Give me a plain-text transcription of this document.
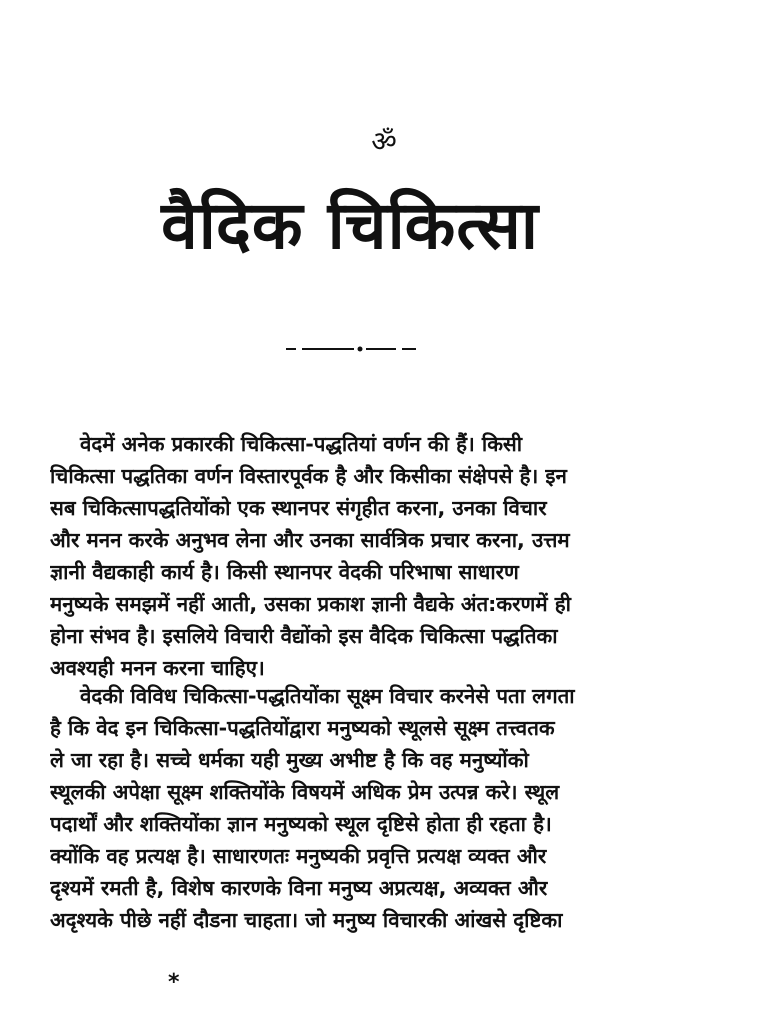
ॐ
वैदिक चिकित्सा
वेदमें अनेक प्रकारकी चिकित्सा-पद्धतियां वर्णन की हैं। किसी
चिकित्सा पद्धतिका वर्णन विस्तारपूर्वक है और किसीका संक्षेपसे है। इन
सब चिकित्सापद्धतियोंको एक स्थानपर संगृहीत करना, उनका विचार
और मनन करके अनुभव लेना और उनका सार्वत्रिक प्रचार करना, उत्तम
ज्ञानी वैद्यकाही कार्य है। किसी स्थानपर वेदकी परिभाषा साधारण
मनुष्यके समझमें नहीं आती, उसका प्रकाश ज्ञानी वैद्यके अंत:करणमें ही
होना संभव है। इसलिये विचारी वैद्योंको इस वैदिक चिकित्सा पद्धतिका
अवश्यही मनन करना चाहिए।
वेदकी विविध चिकित्सा-पद्धतियोंका सूक्ष्म विचार करनेसे पता लगता
है कि वेद इन चिकित्सा-पद्धतियोंद्वारा मनुष्यको स्थूलसे सूक्ष्म तत्त्वतक
ले जा रहा है। सच्चे धर्मका यही मुख्य अभीष्ट है कि वह मनुष्योंको
स्थूलकी अपेक्षा सूक्ष्म शक्तियोंके विषयमें अधिक प्रेम उत्पन्न करे। स्थूल
पदार्थों और शक्तियोंका ज्ञान मनुष्यको स्थूल दृष्टिसे होता ही रहता है।
क्योंकि वह प्रत्यक्ष है। साधारणतः मनुष्यकी प्रवृत्ति प्रत्यक्ष व्यक्त और
दृश्यमें रमती है, विशेष कारणके विना मनुष्य अप्रत्यक्ष, अव्यक्त और
अदृश्यके पीछे नहीं दौडना चाहता। जो मनुष्य विचारकी आंखसे दृष्टिका
*
